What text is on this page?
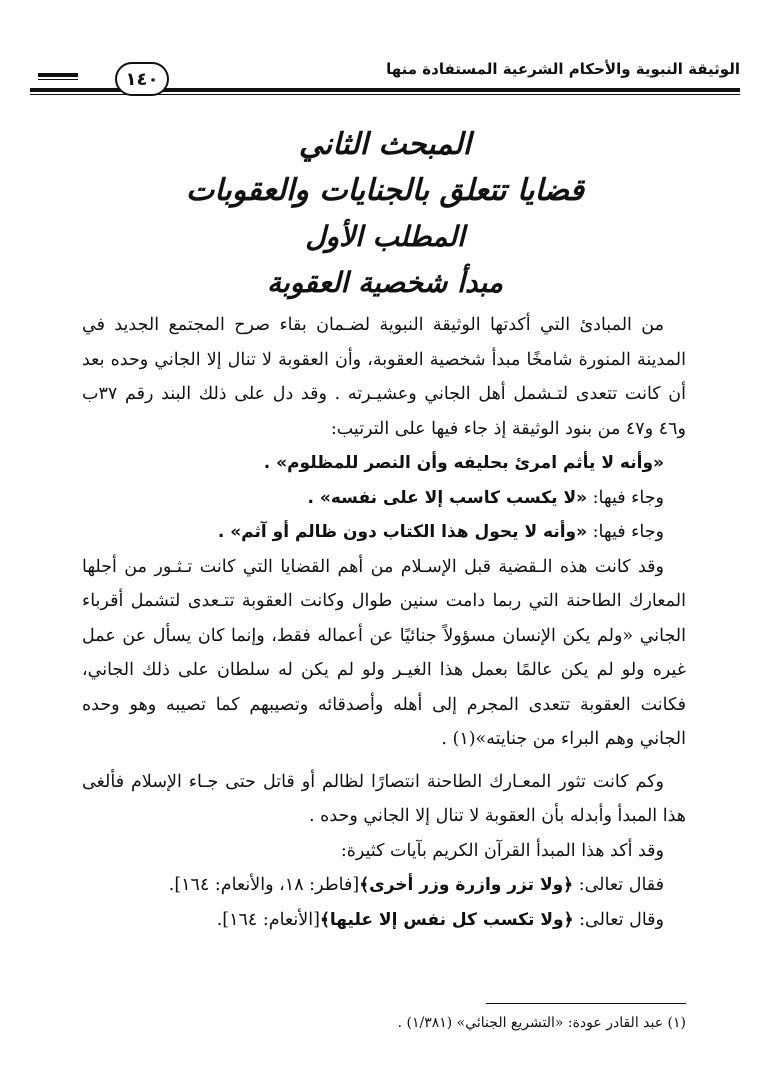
الوثيقة النبوية والأحكام الشرعية المستفادة منها
١٤٠
المبحث الثاني
قضايا تتعلق بالجنايات والعقوبات
المطلب الأول
مبدأ شخصية العقوبة

من المبادئ التي أكدتها الوثيقة النبوية لضـمان بقاء صرح المجتمع الجديد في المدينة المنورة شامخًا مبدأ شخصية العقوبة، وأن العقوبة لا تنال إلا الجاني وحده بعد أن كانت تتعدى لتـشمل أهل الجاني وعشيـرته . وقد دل على ذلك البند رقم ٣٧ب و٤٦ و٤٧ من بنود الوثيقة إذ جاء فيها على الترتيب:

«وأنه لا يأثم امرئ بحليفه وأن النصر للمظلوم» .

وجاء فيها: «لا يكسب كاسب إلا على نفسه» .

وجاء فيها: «وأنه لا يحول هذا الكتاب دون ظالم أو آثم» .

وقد كانت هذه الـقضية قبل الإسـلام من أهم القضايا التي كانت تـثـور من أجلها المعارك الطاحنة التي ربما دامت سنين طوال وكانت العقوبة تتـعدى لتشمل أقرباء الجاني «ولم يكن الإنسان مسؤولاً جنائيًا عن أعماله فقط، وإنما كان يسأل عن عمل غيره ولو لم يكن عالمًا بعمل هذا الغيـر ولو لم يكن له سلطان على ذلك الجاني، فكانت العقوبة تتعدى المجرم إلى أهله وأصدقائه وتصيبهم كما تصيبه وهو وحده الجاني وهم البراء من جنايته»(١) .

وكم كانت تثور المعـارك الطاحنة انتصارًا لظالم أو قاتل حتى جـاء الإسلام فألغى هذا المبدأ وأبدله بأن العقوبة لا تنال إلا الجاني وحده .

وقد أكد هذا المبدأ القرآن الكريم بآيات كثيرة:

فقال تعالى: ﴿ولا تزر وازرة وزر أخرى﴾[فاطر: ١٨، والأنعام: ١٦٤].

وقال تعالى: ﴿ولا تكسب كل نفس إلا عليها﴾[الأنعام: ١٦٤].

(١) عبد القادر عودة: «التشريع الجنائي» (١/٣٨١) .
